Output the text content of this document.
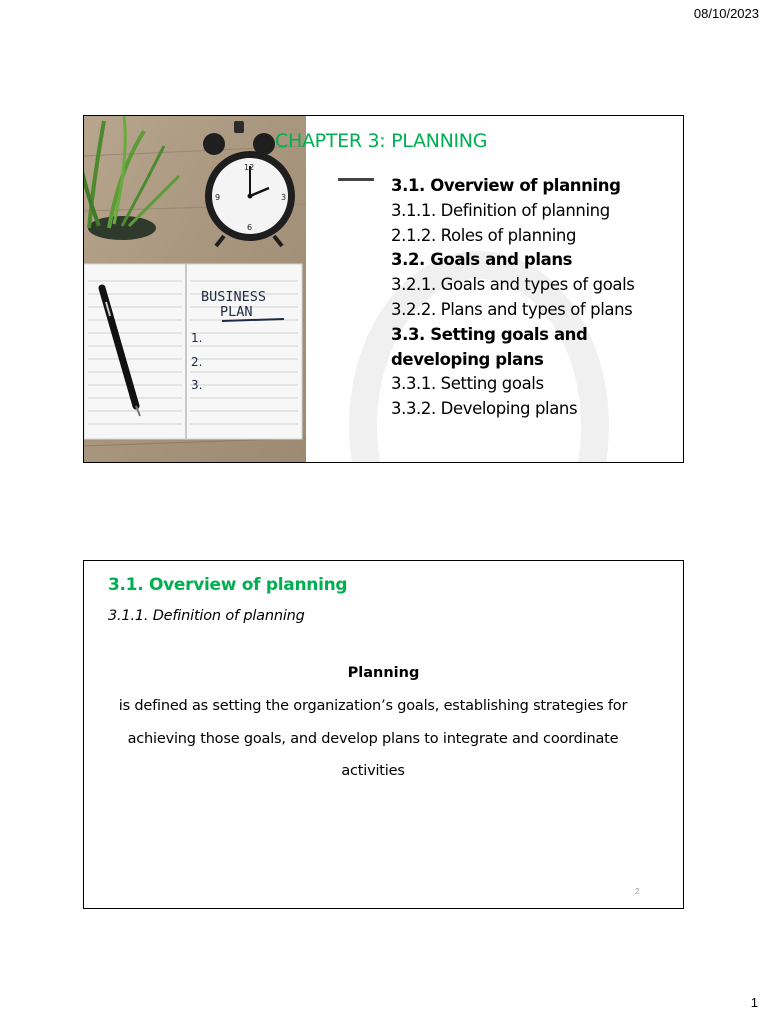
08/10/2023
12
3
6
9
BUSINESS
PLAN
1.
2.
3.
CHAPTER 3: PLANNING
3.1. Overview of planning
3.1.1. Definition of planning
2.1.2. Roles of planning
3.2. Goals and plans
3.2.1. Goals and types of goals
3.2.2. Plans and types of plans
3.3. Setting goals and developing plans
3.3.1. Setting goals
3.3.2. Developing plans
3.1. Overview of planning
3.1.1. Definition of planning
Planning
is defined as setting the organization’s goals, establishing strategies for achieving those goals, and develop plans to integrate and coordinate activities
2
1
